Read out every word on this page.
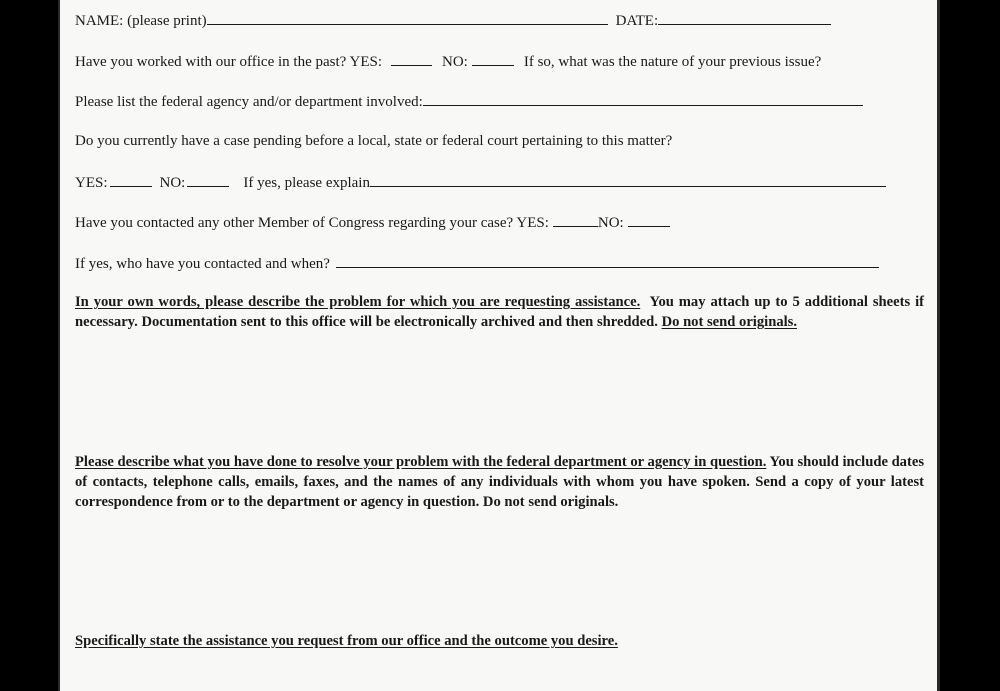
NAME: (please print)	DATE:
Have you worked with our office in the past? YES:	NO:	If so, what was the nature of your previous issue?
Please list the federal agency and/or department involved:
Do you currently have a case pending before a local, state or federal court pertaining to this matter?
YES:	NO:	If yes, please explain
Have you contacted any other Member of Congress regarding your case? YES:	NO:
If yes, who have you contacted and when?
In your own words, please describe the problem for which you are requesting assistance. You may attach up to 5 additional sheets if necessary. Documentation sent to this office will be electronically archived and then shredded. Do not send originals.
Please describe what you have done to resolve your problem with the federal department or agency in question. You should include dates of contacts, telephone calls, emails, faxes, and the names of any individuals with whom you have spoken. Send a copy of your latest correspondence from or to the department or agency in question. Do not send originals.
Specifically state the assistance you request from our office and the outcome you desire.
